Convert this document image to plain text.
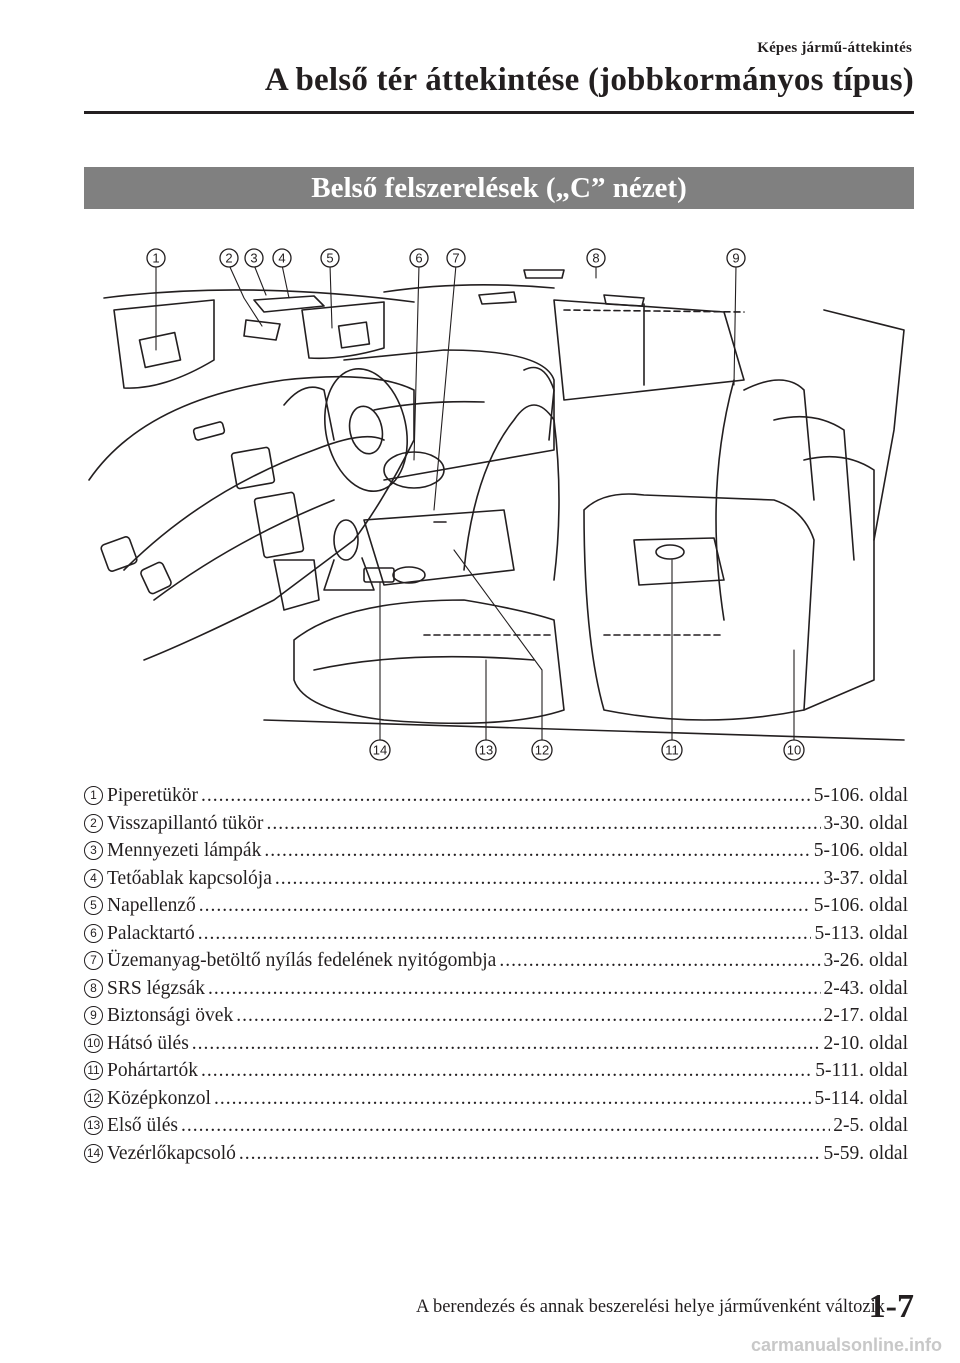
Képes jármű-áttekintés
A belső tér áttekintése (jobbkormányos típus)
Belső felszerelések („C” nézet)
1	2 3 4	5	6 7	8	9
10
11
12
13
14
1 Piperetükör .....	5-106. oldal
2 Visszapillantó tükör .....	3-30. oldal
3 Mennyezeti lámpák .....	5-106. oldal
4 Tetőablak kapcsolója .....	3-37. oldal
5 Napellenző .....	5-106. oldal
6 Palacktartó .....	5-113. oldal
7 Üzemanyag-betöltő nyílás fedelének nyitógombja .....	3-26. oldal
8 SRS légzsák .....	2-43. oldal
9 Biztonsági övek .....	2-17. oldal
10 Hátsó ülés .....	2-10. oldal
11 Pohártartók .....	5-111. oldal
12 Középkonzol .....	5-114. oldal
13 Első ülés .....	2-5. oldal
14 Vezérlőkapcsoló .....	5-59. oldal
A berendezés és annak beszerelési helye járművenként változik
1-7
carmanualsonline.info
